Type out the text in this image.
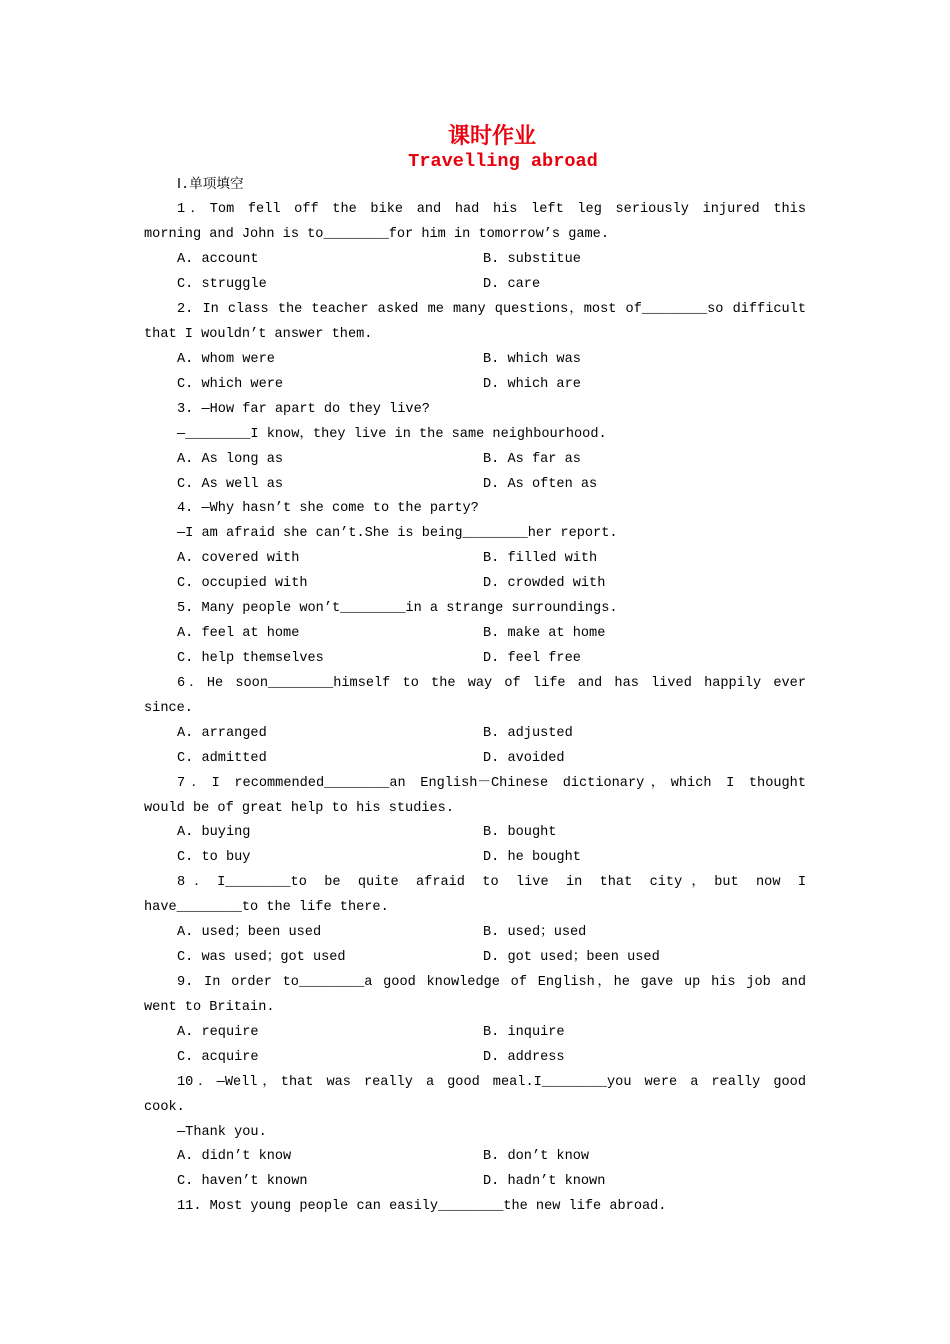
课时作业
Travelling abroad
Ⅰ.单项填空
1．Tom fell off the bike and had his left leg seriously injured this
morning and John is to________for him in tomorrow’s game.
A. account	B. substitue
C. struggle	D. care
2. In class the teacher asked me many questions，most of________so difficult
that I wouldn’t answer them.
A. whom were	B. which was
C. which were	D. which are
3. —How far apart do they live?
—________I know，they live in the same neighbourhood.
A. As long as	B. As far as
C. As well as	D. As often as
4. —Why hasn’t she come to the party?
—I am afraid she can’t.She is being________her report.
A. covered with	B. filled with
C. occupied with	D. crowded with
5. Many people won’t________in a strange surroundings.
A. feel at home	B. make at home
C. help themselves	D. feel free
6．He soon________himself to the way of life and has lived happily ever
since.
A. arranged	B. adjusted
C. admitted	D. avoided
7．I recommended________an English－Chinese dictionary，which I thought
would be of great help to his studies.
A. buying	B. bought
C. to buy	D. he bought
8．I________to be quite afraid to live in that city，but now I
have________to the life there.
A. used；been used	B. used；used
C. was used；got used	D. got used；been used
9. In order to________a good knowledge of English，he gave up his job and
went to Britain.
A. require	B. inquire
C. acquire	D. address
10．—Well，that was really a good meal.I________you were a really good
cook.
—Thank you.
A. didn’t know	B. don’t know
C. haven’t known	D. hadn’t known
11. Most young people can easily________the new life abroad.
